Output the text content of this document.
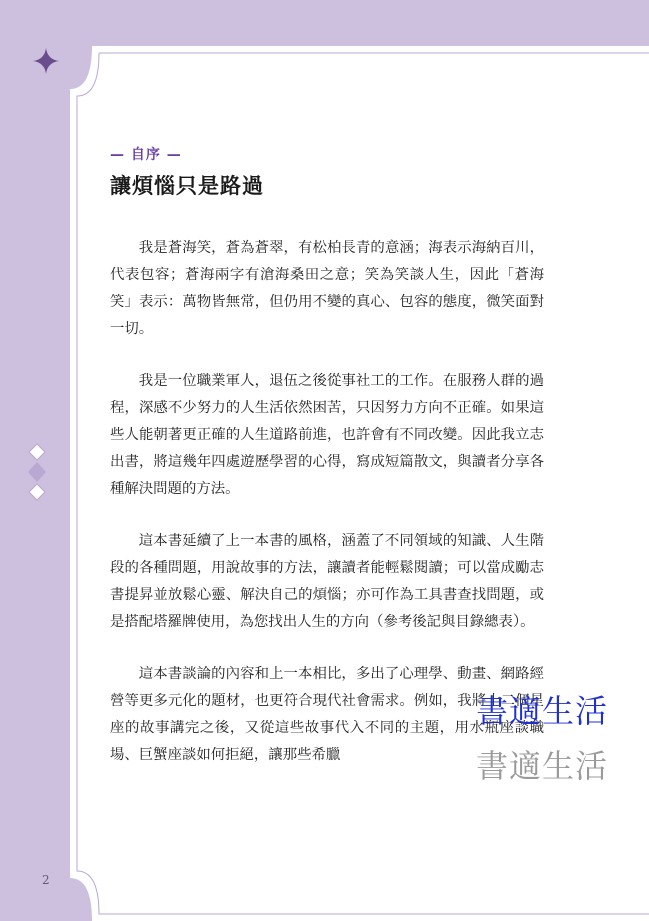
— 自序 —
讓煩惱只是路過

我是蒼海笑，蒼為蒼翠，有松柏長青的意涵；海表示海納百川，代表包容；蒼海兩字有滄海桑田之意；笑為笑談人生，因此「蒼海笑」表示：萬物皆無常，但仍用不變的真心、包容的態度，微笑面對一切。

我是一位職業軍人，退伍之後從事社工的工作。在服務人群的過程，深感不少努力的人生活依然困苦，只因努力方向不正確。如果這些人能朝著更正確的人生道路前進，也許會有不同改變。因此我立志出書，將這幾年四處遊歷學習的心得，寫成短篇散文，與讀者分享各種解決問題的方法。

這本書延續了上一本書的風格，涵蓋了不同領域的知識、人生階段的各種問題，用說故事的方法，讓讀者能輕鬆閱讀；可以當成勵志書提昇並放鬆心靈、解決自己的煩惱；亦可作為工具書查找問題，或是搭配塔羅牌使用，為您找出人生的方向（參考後記與目錄總表）。

這本書談論的內容和上一本相比，多出了心理學、動畫、網路經營等更多元化的題材，也更符合現代社會需求。例如，我將十二個星座的故事講完之後，又從這些故事代入不同的主題，用水瓶座談職場、巨蟹座談如何拒絕，讓那些希臘

2
書適生活
書適生活
